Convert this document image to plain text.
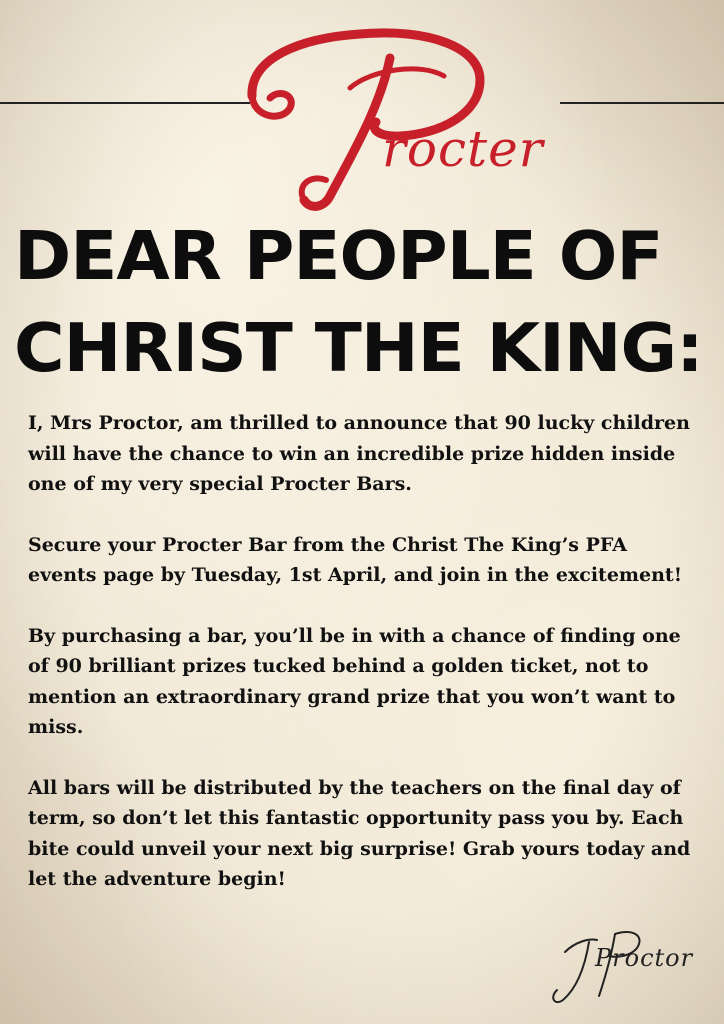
rocter
DEAR PEOPLE OF
CHRIST THE KING:

I, Mrs Proctor, am thrilled to announce that 90 lucky children will have the chance to win an incredible prize hidden inside one of my very special Procter Bars.

Secure your Procter Bar from the Christ The King’s PFA events page by Tuesday, 1st April, and join in the excitement!

By purchasing a bar, you’ll be in with a chance of finding one of 90 brilliant prizes tucked behind a golden ticket, not to mention an extraordinary grand prize that you won’t want to miss.

All bars will be distributed by the teachers on the final day of term, so don’t let this fantastic opportunity pass you by. Each bite could unveil your next big surprise! Grab yours today and let the adventure begin!

Proctor
